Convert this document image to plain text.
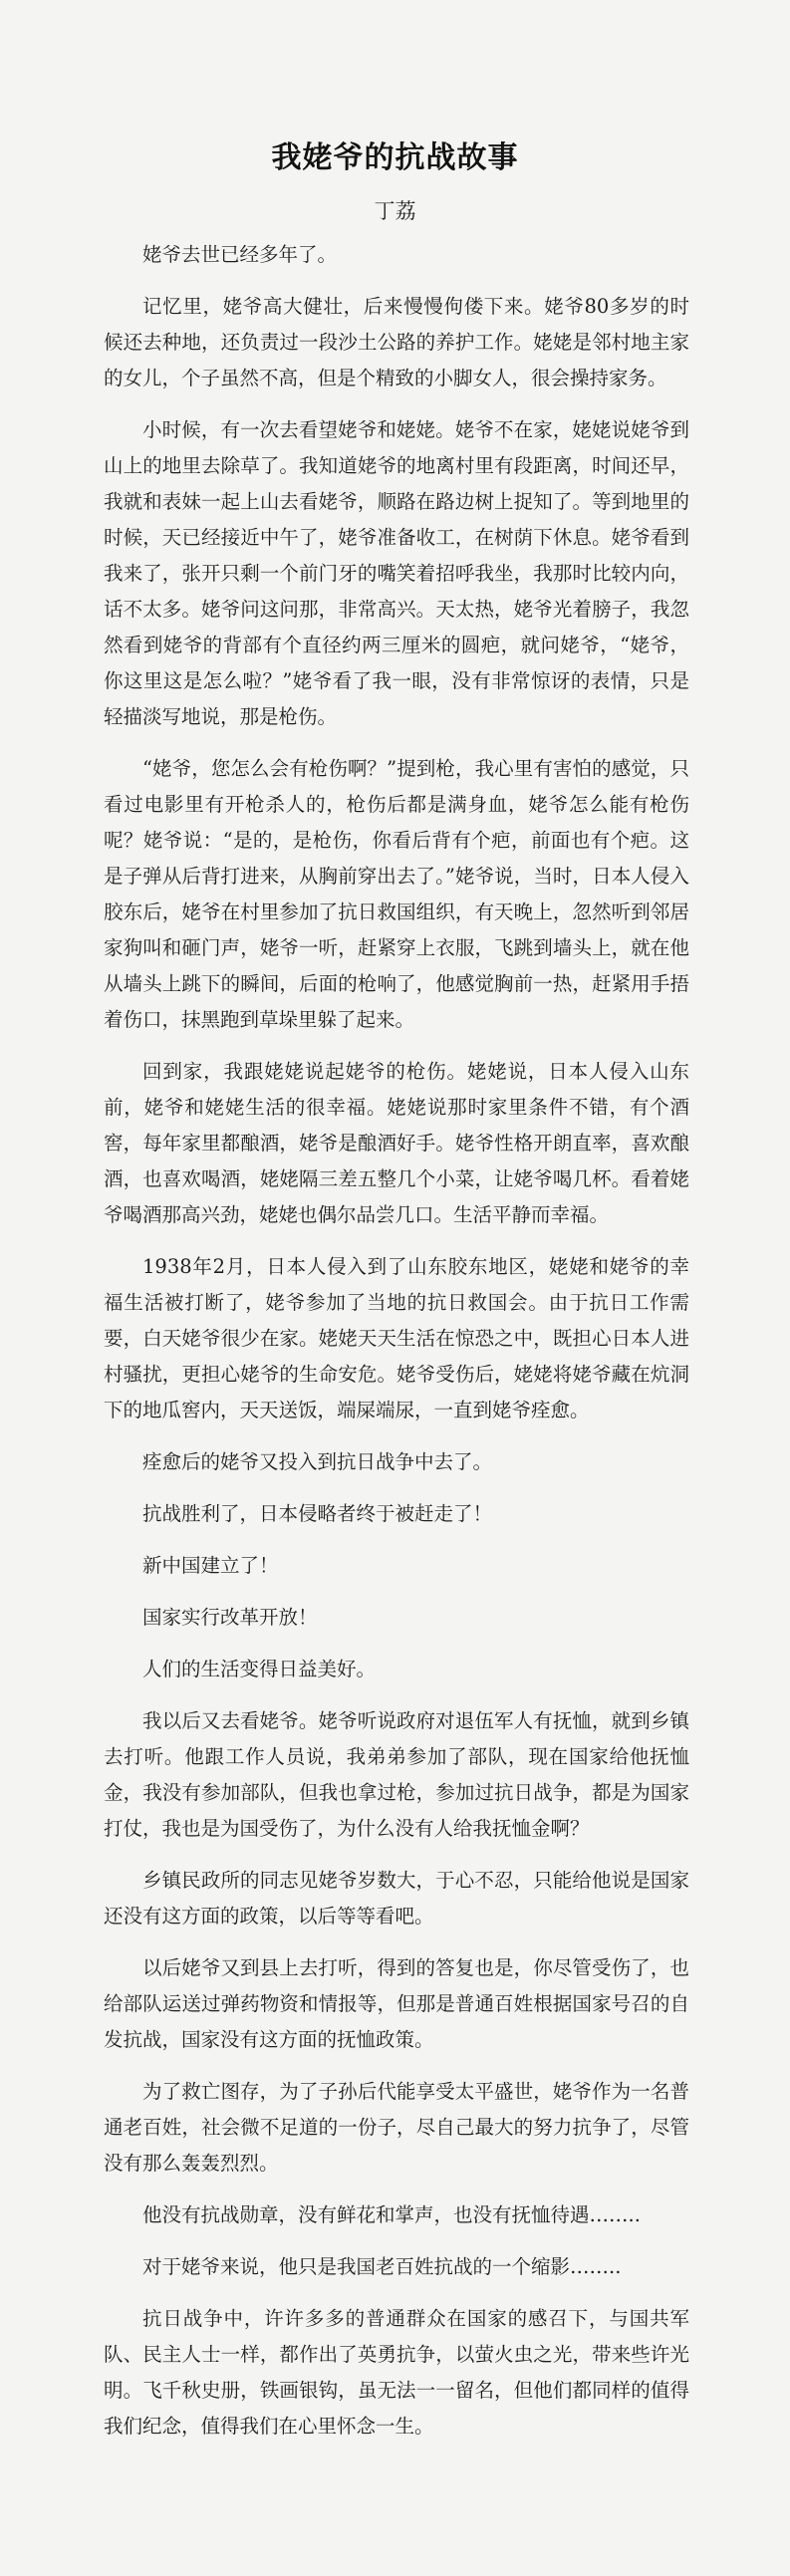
我姥爷的抗战故事
丁荔

姥爷去世已经多年了。

记忆里，姥爷高大健壮，后来慢慢佝偻下来。姥爷80多岁的时候还去种地，还负责过一段沙土公路的养护工作。姥姥是邻村地主家的女儿，个子虽然不高，但是个精致的小脚女人，很会操持家务。

小时候，有一次去看望姥爷和姥姥。姥爷不在家，姥姥说姥爷到山上的地里去除草了。我知道姥爷的地离村里有段距离，时间还早，我就和表妹一起上山去看姥爷，顺路在路边树上捉知了。等到地里的时候，天已经接近中午了，姥爷准备收工，在树荫下休息。姥爷看到我来了，张开只剩一个前门牙的嘴笑着招呼我坐，我那时比较内向，话不太多。姥爷问这问那，非常高兴。天太热，姥爷光着膀子，我忽然看到姥爷的背部有个直径约两三厘米的圆疤，就问姥爷，“姥爷，你这里这是怎么啦？”姥爷看了我一眼，没有非常惊讶的表情，只是轻描淡写地说，那是枪伤。

“姥爷，您怎么会有枪伤啊？”提到枪，我心里有害怕的感觉，只看过电影里有开枪杀人的，枪伤后都是满身血，姥爷怎么能有枪伤呢？姥爷说：“是的，是枪伤，你看后背有个疤，前面也有个疤。这是子弹从后背打进来，从胸前穿出去了。”姥爷说，当时，日本人侵入胶东后，姥爷在村里参加了抗日救国组织，有天晚上，忽然听到邻居家狗叫和砸门声，姥爷一听，赶紧穿上衣服，飞跳到墙头上，就在他从墙头上跳下的瞬间，后面的枪响了，他感觉胸前一热，赶紧用手捂着伤口，抹黑跑到草垛里躲了起来。

回到家，我跟姥姥说起姥爷的枪伤。姥姥说，日本人侵入山东前，姥爷和姥姥生活的很幸福。姥姥说那时家里条件不错，有个酒窖，每年家里都酿酒，姥爷是酿酒好手。姥爷性格开朗直率，喜欢酿酒，也喜欢喝酒，姥姥隔三差五整几个小菜，让姥爷喝几杯。看着姥爷喝酒那高兴劲，姥姥也偶尔品尝几口。生活平静而幸福。

1938年2月，日本人侵入到了山东胶东地区，姥姥和姥爷的幸福生活被打断了，姥爷参加了当地的抗日救国会。由于抗日工作需要，白天姥爷很少在家。姥姥天天生活在惊恐之中，既担心日本人进村骚扰，更担心姥爷的生命安危。姥爷受伤后，姥姥将姥爷藏在炕洞下的地瓜窖内，天天送饭，端屎端尿，一直到姥爷痊愈。

痊愈后的姥爷又投入到抗日战争中去了。

抗战胜利了，日本侵略者终于被赶走了！

新中国建立了！

国家实行改革开放！

人们的生活变得日益美好。

我以后又去看姥爷。姥爷听说政府对退伍军人有抚恤，就到乡镇去打听。他跟工作人员说，我弟弟参加了部队，现在国家给他抚恤金，我没有参加部队，但我也拿过枪，参加过抗日战争，都是为国家打仗，我也是为国受伤了，为什么没有人给我抚恤金啊？

乡镇民政所的同志见姥爷岁数大，于心不忍，只能给他说是国家还没有这方面的政策，以后等等看吧。

以后姥爷又到县上去打听，得到的答复也是，你尽管受伤了，也给部队运送过弹药物资和情报等，但那是普通百姓根据国家号召的自发抗战，国家没有这方面的抚恤政策。

为了救亡图存，为了子孙后代能享受太平盛世，姥爷作为一名普通老百姓，社会微不足道的一份子，尽自己最大的努力抗争了，尽管没有那么轰轰烈烈。

他没有抗战勋章，没有鲜花和掌声，也没有抚恤待遇……..

对于姥爷来说，他只是我国老百姓抗战的一个缩影……..

抗日战争中，许许多多的普通群众在国家的感召下，与国共军队、民主人士一样，都作出了英勇抗争，以萤火虫之光，带来些许光明。飞千秋史册，铁画银钩，虽无法一一留名，但他们都同样的值得我们纪念，值得我们在心里怀念一生。
